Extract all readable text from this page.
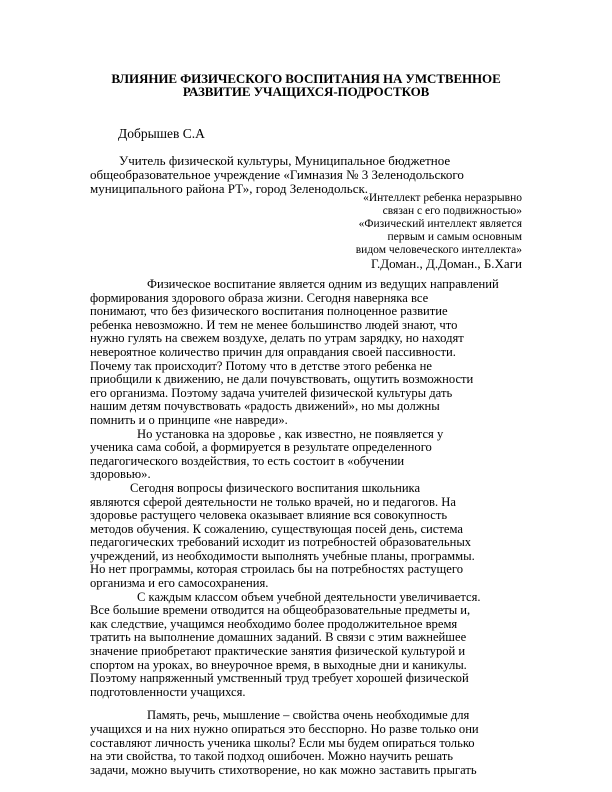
ВЛИЯНИЕ ФИЗИЧЕСКОГО ВОСПИТАНИЯ НА УМСТВЕННОЕ
РАЗВИТИЕ УЧАЩИХСЯ-ПОДРОСТКОВ
Добрышев С.А
Учитель физической культуры, Муниципальное бюджетное
общеобразовательное учреждение «Гимназия № 3 Зеленодольского
муниципального района РТ», город Зеленодольск.
«Интеллект ребенка неразрывно
связан с его подвижностью»
«Физический интеллект является
первым и самым основным
видом человеческого интеллекта»
Г.Доман., Д.Доман., Б.Хаги
Физическое воспитание является одним из ведущих направлений
формирования здорового образа жизни. Сегодня наверняка все
понимают, что без физического воспитания полноценное развитие
ребенка невозможно. И тем не менее большинство людей знают, что
нужно гулять на свежем воздухе, делать по утрам зарядку, но находят
невероятное количество причин для оправдания своей пассивности.
Почему так происходит? Потому что в детстве этого ребенка не
приобщили к движению, не дали почувствовать, ощутить возможности
его организма. Поэтому задача учителей физической культуры дать
нашим детям почувствовать «радость движений», но мы должны
помнить и о принципе «не навреди».
Но установка на здоровье , как известно, не появляется у
ученика сама собой, а формируется в результате определенного
педагогического воздействия, то есть состоит в «обучении
здоровью».
Сегодня вопросы физического воспитания школьника
являются сферой деятельности не только врачей, но и педагогов. На
здоровье растущего человека оказывает влияние вся совокупность
методов обучения. К сожалению, существующая посей день, система
педагогических требований исходит из потребностей образовательных
учреждений, из необходимости выполнять учебные планы, программы.
Но нет программы, которая строилась бы на потребностях растущего
организма и его самосохранения.
С каждым классом объем учебной деятельности увеличивается.
Все большие времени отводится на общеобразовательные предметы и,
как следствие, учащимся необходимо более продолжительное время
тратить на выполнение домашних заданий. В связи с этим важнейшее
значение приобретают практические занятия физической культурой и
спортом на уроках, во внеурочное время, в выходные дни и каникулы.
Поэтому напряженный умственный труд требует хорошей физической
подготовленности учащихся.
Память, речь, мышление – свойства очень необходимые для
учащихся и на них нужно опираться это бесспорно. Но разве только они
составляют личность ученика школы? Если мы будем опираться только
на эти свойства, то такой подход ошибочен. Можно научить решать
задачи, можно выучить стихотворение, но как можно заставить прыгать
